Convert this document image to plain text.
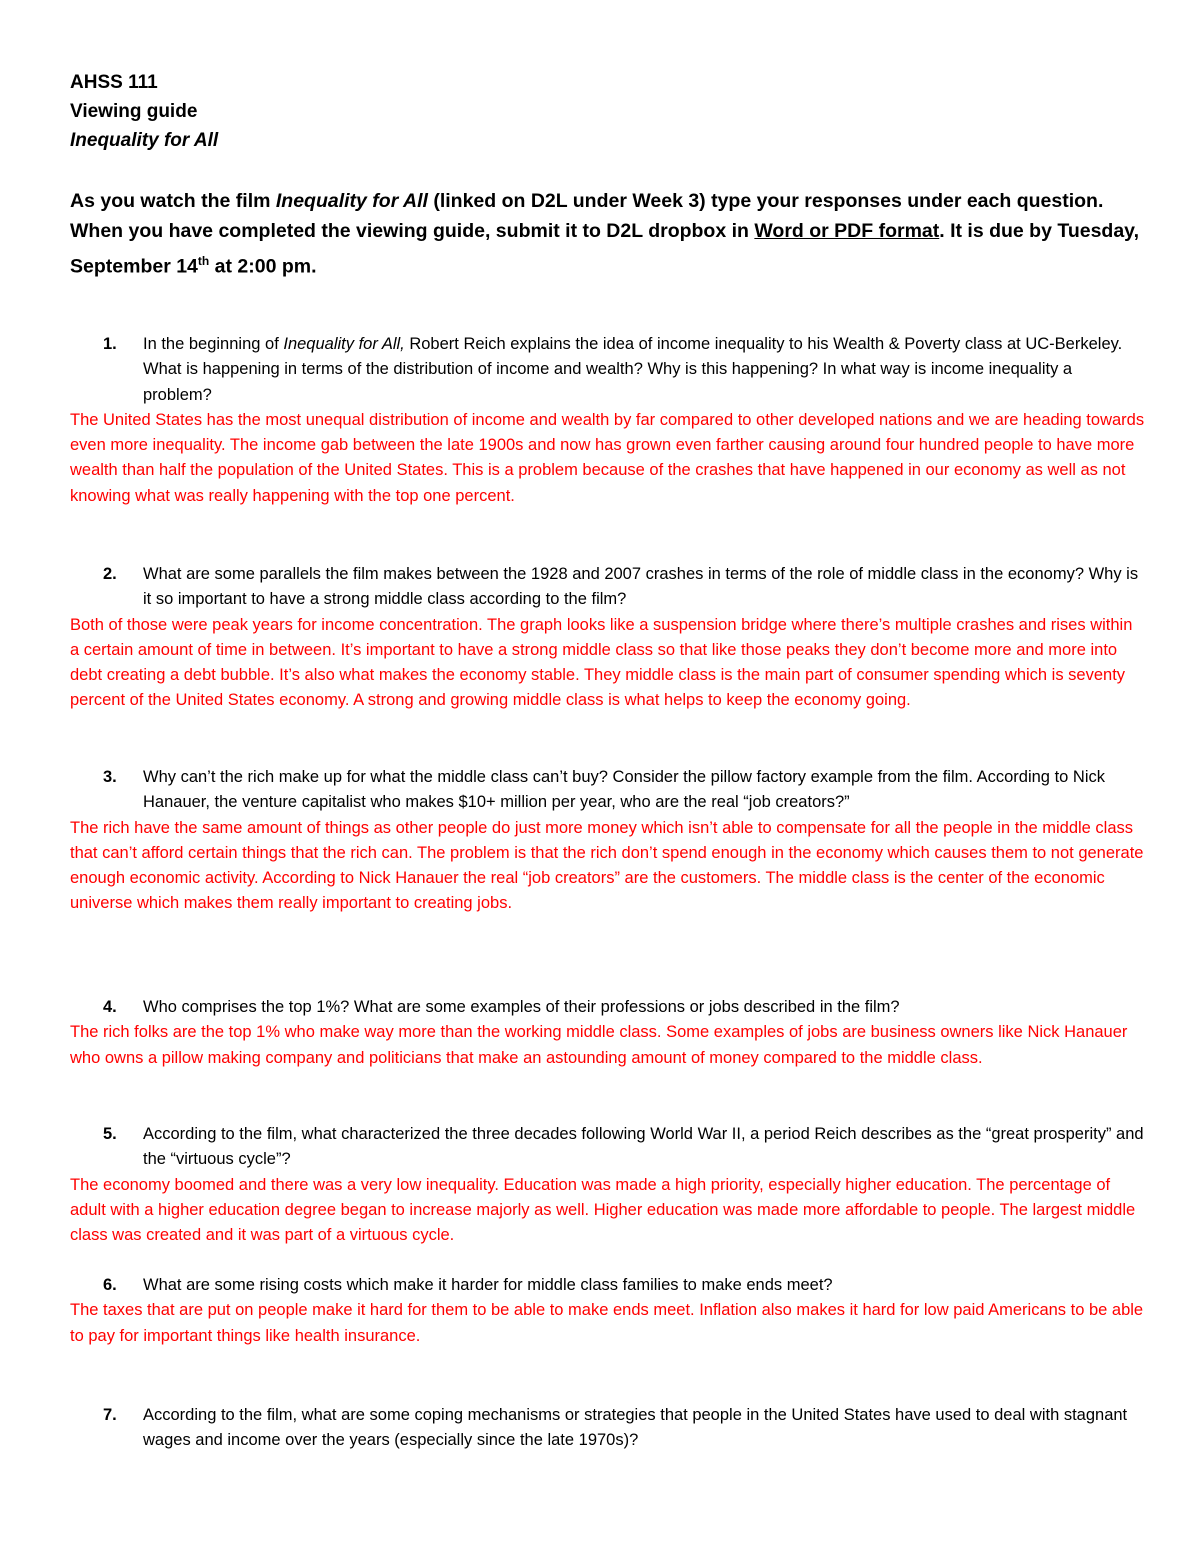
AHSS 111
Viewing guide
Inequality for All
As you watch the film Inequality for All (linked on D2L under Week 3) type your responses under each question. When you have completed the viewing guide, submit it to D2L dropbox in Word or PDF format. It is due by Tuesday, September 14th at 2:00 pm.
1. In the beginning of Inequality for All, Robert Reich explains the idea of income inequality to his Wealth & Poverty class at UC-Berkeley. What is happening in terms of the distribution of income and wealth? Why is this happening? In what way is income inequality a problem?
The United States has the most unequal distribution of income and wealth by far compared to other developed nations and we are heading towards even more inequality. The income gab between the late 1900s and now has grown even farther causing around four hundred people to have more wealth than half the population of the United States. This is a problem because of the crashes that have happened in our economy as well as not knowing what was really happening with the top one percent.
2. What are some parallels the film makes between the 1928 and 2007 crashes in terms of the role of middle class in the economy? Why is it so important to have a strong middle class according to the film?
Both of those were peak years for income concentration. The graph looks like a suspension bridge where there’s multiple crashes and rises within a certain amount of time in between. It’s important to have a strong middle class so that like those peaks they don’t become more and more into debt creating a debt bubble. It’s also what makes the economy stable. They middle class is the main part of consumer spending which is seventy percent of the United States economy. A strong and growing middle class is what helps to keep the economy going.
3. Why can’t the rich make up for what the middle class can’t buy? Consider the pillow factory example from the film. According to Nick Hanauer, the venture capitalist who makes $10+ million per year, who are the real “job creators?”
The rich have the same amount of things as other people do just more money which isn’t able to compensate for all the people in the middle class that can’t afford certain things that the rich can. The problem is that the rich don’t spend enough in the economy which causes them to not generate enough economic activity. According to Nick Hanauer the real “job creators” are the customers. The middle class is the center of the economic universe which makes them really important to creating jobs.
4. Who comprises the top 1%? What are some examples of their professions or jobs described in the film?
The rich folks are the top 1% who make way more than the working middle class. Some examples of jobs are business owners like Nick Hanauer who owns a pillow making company and politicians that make an astounding amount of money compared to the middle class.
5. According to the film, what characterized the three decades following World War II, a period Reich describes as the “great prosperity” and the “virtuous cycle”?
The economy boomed and there was a very low inequality. Education was made a high priority, especially higher education. The percentage of adult with a higher education degree began to increase majorly as well. Higher education was made more affordable to people. The largest middle class was created and it was part of a virtuous cycle.
6. What are some rising costs which make it harder for middle class families to make ends meet?
The taxes that are put on people make it hard for them to be able to make ends meet. Inflation also makes it hard for low paid Americans to be able to pay for important things like health insurance.
7. According to the film, what are some coping mechanisms or strategies that people in the United States have used to deal with stagnant wages and income over the years (especially since the late 1970s)?
